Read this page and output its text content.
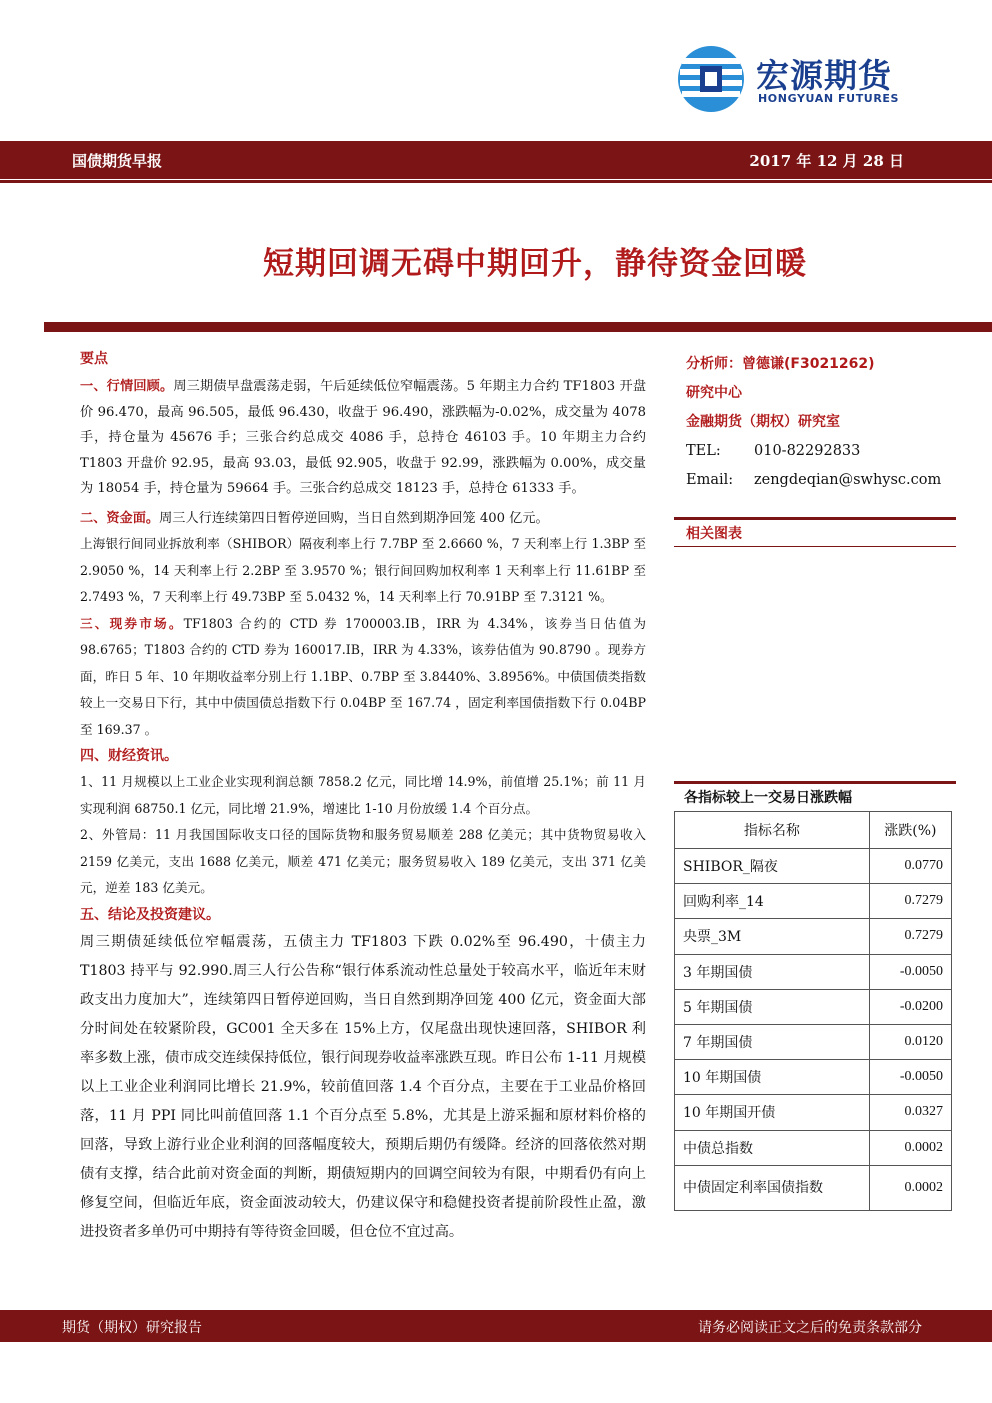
宏源期货
HONGYUAN FUTURES
国债期货早报	2017 年 12 月 28 日
短期回调无碍中期回升，静待资金回暖
要点

一、行情回顾。周三期债早盘震荡走弱，午后延续低位窄幅震荡。5 年期主力合约 TF1803 开盘价 96.470，最高 96.505，最低 96.430，收盘于 96.490，涨跌幅为-0.02%，成交量为 4078 手，持仓量为 45676 手；三张合约总成交 4086 手，总持仓 46103 手。10 年期主力合约 T1803 开盘价 92.95，最高 93.03，最低 92.905，收盘于 92.99，涨跌幅为 0.00%，成交量为 18054 手，持仓量为 59664 手。三张合约总成交 18123 手，总持仓 61333 手。

二、资金面。周三人行连续第四日暂停逆回购，当日自然到期净回笼 400 亿元。

上海银行间同业拆放利率（SHIBOR）隔夜利率上行 7.7BP 至 2.6660 %，7 天利率上行 1.3BP 至 2.9050 %，14 天利率上行 2.2BP 至 3.9570 %；银行间回购加权利率 1 天利率上行 11.61BP 至 2.7493 %，7 天利率上行 49.73BP 至 5.0432 %，14 天利率上行 70.91BP 至 7.3121 %。

三、现券市场。TF1803 合约的 CTD 券 1700003.IB，IRR 为 4.34%，该券当日估值为 98.6765；T1803 合约的 CTD 券为 160017.IB，IRR 为 4.33%，该券估值为 90.8790 。现券方面，昨日 5 年、10 年期收益率分别上行 1.1BP、0.7BP 至 3.8440%、3.8956%。中债国债类指数较上一交易日下行，其中中债国债总指数下行 0.04BP 至 167.74 ，固定利率国债指数下行 0.04BP 至 169.37 。

四、财经资讯。

1、11 月规模以上工业企业实现利润总额 7858.2 亿元，同比增 14.9%，前值增 25.1%；前 11 月实现利润 68750.1 亿元，同比增 21.9%，增速比 1-10 月份放缓 1.4 个百分点。

2、外管局：11 月我国国际收支口径的国际货物和服务贸易顺差 288 亿美元；其中货物贸易收入 2159 亿美元，支出 1688 亿美元，顺差 471 亿美元；服务贸易收入 189 亿美元，支出 371 亿美元，逆差 183 亿美元。

五、结论及投资建议。

周三期债延续低位窄幅震荡，五债主力 TF1803 下跌 0.02%至 96.490，十债主力 T1803 持平与 92.990.周三人行公告称“银行体系流动性总量处于较高水平，临近年末财政支出力度加大”，连续第四日暂停逆回购，当日自然到期净回笼 400 亿元，资金面大部分时间处在较紧阶段，GC001 全天多在 15%上方，仅尾盘出现快速回落，SHIBOR 利率多数上涨，债市成交连续保持低位，银行间现券收益率涨跌互现。昨日公布 1-11 月规模以上工业企业利润同比增长 21.9%，较前值回落 1.4 个百分点，主要在于工业品价格回落，11 月 PPI 同比叫前值回落 1.1 个百分点至 5.8%，尤其是上游采掘和原材料价格的回落，导致上游行业企业利润的回落幅度较大，预期后期仍有缓降。经济的回落依然对期债有支撑，结合此前对资金面的判断，期债短期内的回调空间较为有限，中期看仍有向上修复空间，但临近年底，资金面波动较大，仍建议保守和稳健投资者提前阶段性止盈，激进投资者多单仍可中期持有等待资金回暖，但仓位不宜过高。

分析师：曾德谦(F3021262)
研究中心
金融期货（期权）研究室
TEL: 010-82292833
Email: zengdeqian@swhysc.com
相关图表
各指标较上一交易日涨跌幅
指标名称	涨跌(%)
SHIBOR_隔夜	0.0770
回购利率_14	0.7279
央票_3M	0.7279
3 年期国债	-0.0050
5 年期国债	-0.0200
7 年期国债	0.0120
10 年期国债	-0.0050
10 年期国开债	0.0327
中债总指数	0.0002
中债固定利率国债指数	0.0002
期货（期权）研究报告	请务必阅读正文之后的免责条款部分
